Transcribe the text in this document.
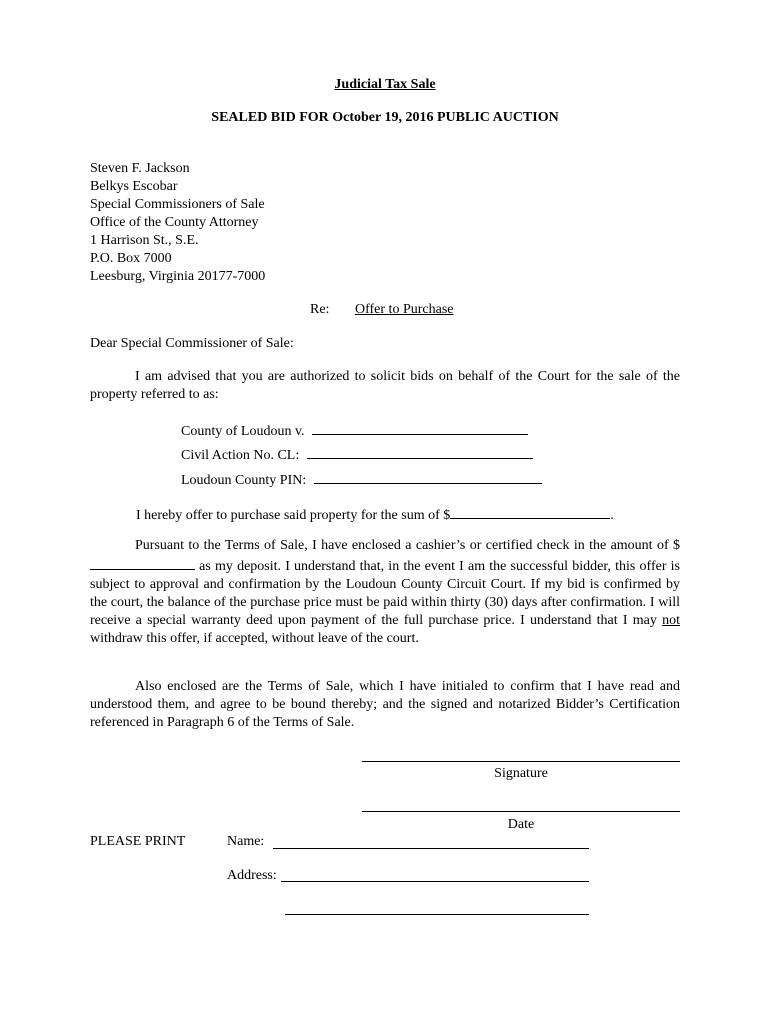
Judicial Tax Sale
SEALED BID FOR October 19, 2016 PUBLIC AUCTION
Steven F. Jackson
Belkys Escobar
Special Commissioners of Sale
Office of the County Attorney
1 Harrison St., S.E.
P.O. Box 7000
Leesburg, Virginia 20177-7000
Re: Offer to Purchase
Dear Special Commissioner of Sale:
I am advised that you are authorized to solicit bids on behalf of the Court for the sale of the property referred to as:
County of Loudoun v.
Civil Action No. CL:
Loudoun County PIN:
I hereby offer to purchase said property for the sum of $	.
Pursuant to the Terms of Sale, I have enclosed a cashier’s or certified check in the amount of $ as my deposit. I understand that, in the event I am the successful bidder, this offer is subject to approval and confirmation by the Loudoun County Circuit Court. If my bid is confirmed by the court, the balance of the purchase price must be paid within thirty (30) days after confirmation. I will receive a special warranty deed upon payment of the full purchase price. I understand that I may not withdraw this offer, if accepted, without leave of the court.
Also enclosed are the Terms of Sale, which I have initialed to confirm that I have read and understood them, and agree to be bound thereby; and the signed and notarized Bidder’s Certification referenced in Paragraph 6 of the Terms of Sale.
Signature
Date
PLEASE PRINT	Name:
Address:
